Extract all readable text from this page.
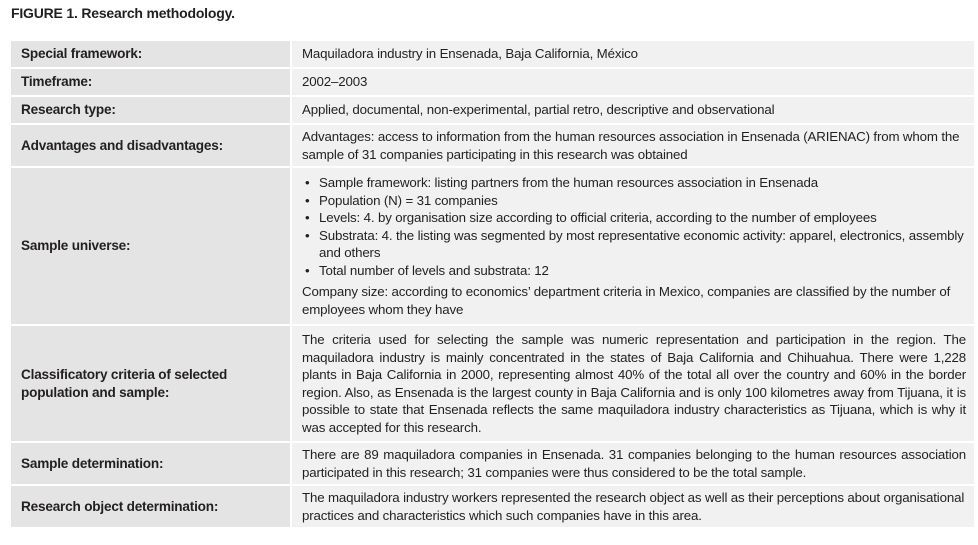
FIGURE 1. Research methodology.
Special framework:	Maquiladora industry in Ensenada, Baja California, México
Timeframe:	2002–2003
Research type:	Applied, documental, non-experimental, partial retro, descriptive and observational
Advantages and disadvantages:
Advantages: access to information from the human resources association in Ensenada (ARIENAC) from whom the sample of 31 companies participating in this research was obtained
Sample universe:
• Sample framework: listing partners from the human resources association in Ensenada
• Population (N) = 31 companies
• Levels: 4. by organisation size according to official criteria, according to the number of employees
• Substrata: 4. the listing was segmented by most representative economic activity: apparel, electronics, assembly and others
• Total number of levels and substrata: 12
Company size: according to economics’ department criteria in Mexico, companies are classified by the number of employees whom they have
Classificatory criteria of selected population and sample:
The criteria used for selecting the sample was numeric representation and participation in the region. The maquiladora industry is mainly concentrated in the states of Baja California and Chihuahua. There were 1,228 plants in Baja California in 2000, representing almost 40% of the total all over the country and 60% in the border region. Also, as Ensenada is the largest county in Baja California and is only 100 kilometres away from Tijuana, it is possible to state that Ensenada reflects the same maquiladora industry characteristics as Tijuana, which is why it was accepted for this research.
Sample determination:
There are 89 maquiladora companies in Ensenada. 31 companies belonging to the human resources association participated in this research; 31 companies were thus considered to be the total sample.
Research object determination:
The maquiladora industry workers represented the research object as well as their perceptions about organisational practices and characteristics which such companies have in this area.
